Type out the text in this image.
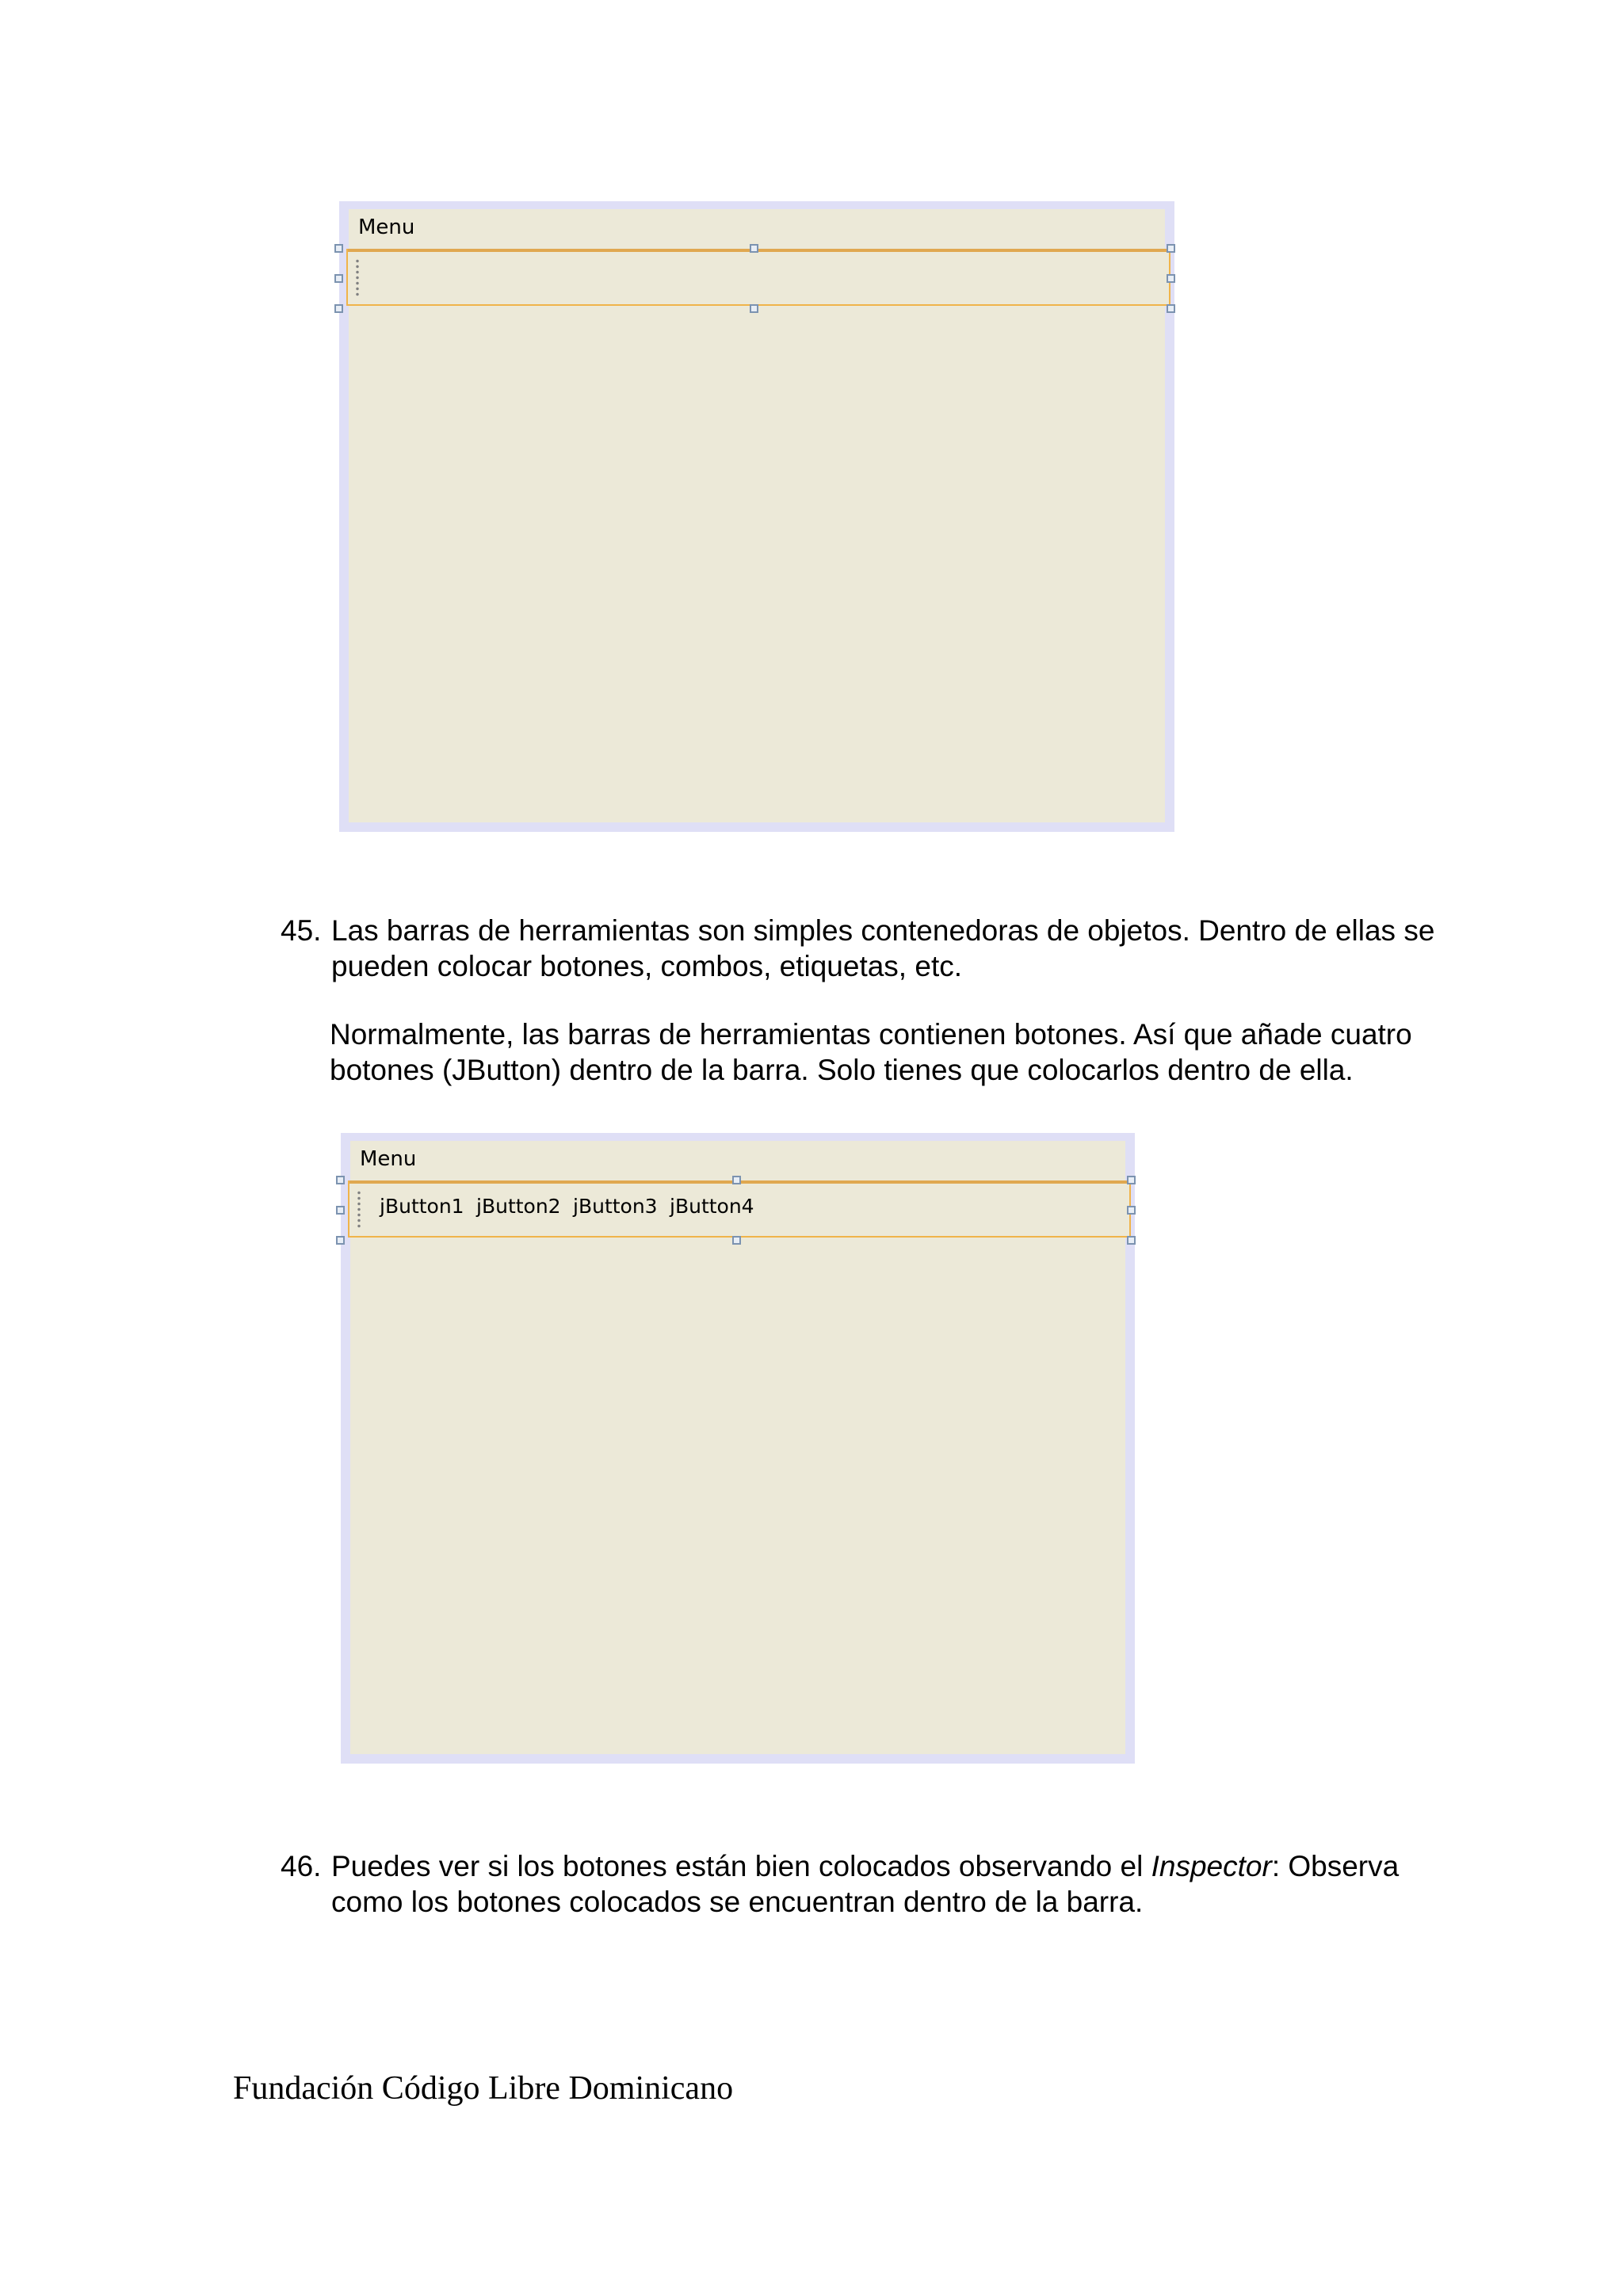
Menu
45. Las barras de herramientas son simples contenedoras de objetos. Dentro de ellas se
pueden colocar botones, combos, etiquetas, etc.
Normalmente, las barras de herramientas contienen botones. Así que añade cuatro
botones (JButton) dentro de la barra. Solo tienes que colocarlos dentro de ella.
Menu
jButton1 jButton2 jButton3 jButton4
46. Puedes ver si los botones están bien colocados observando el Inspector: Observa
como los botones colocados se encuentran dentro de la barra.
Fundación Código Libre Dominicano
